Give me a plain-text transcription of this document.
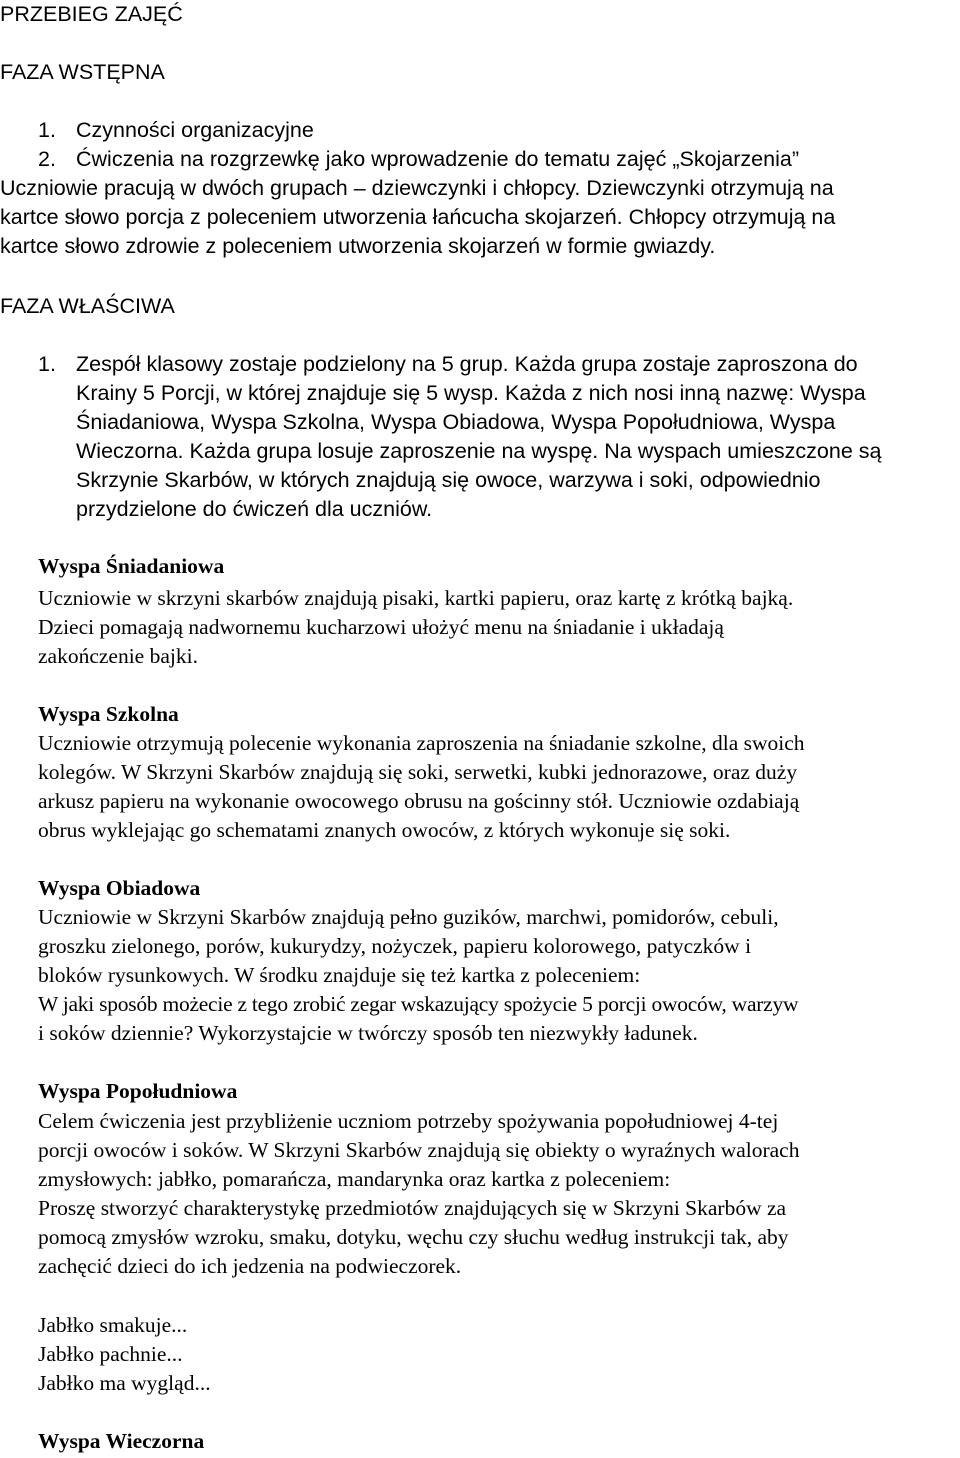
PRZEBIEG ZAJĘĆ
FAZA WSTĘPNA
1. Czynności organizacyjne
2. Ćwiczenia na rozgrzewkę jako wprowadzenie do tematu zajęć „Skojarzenia”
Uczniowie pracują w dwóch grupach – dziewczynki i chłopcy. Dziewczynki otrzymują na
kartce słowo porcja z poleceniem utworzenia łańcucha skojarzeń. Chłopcy otrzymują na
kartce słowo zdrowie z poleceniem utworzenia skojarzeń w formie gwiazdy.
FAZA WŁAŚCIWA
1. Zespół klasowy zostaje podzielony na 5 grup. Każda grupa zostaje zaproszona do
Krainy 5 Porcji, w której znajduje się 5 wysp. Każda z nich nosi inną nazwę: Wyspa
Śniadaniowa, Wyspa Szkolna, Wyspa Obiadowa, Wyspa Popołudniowa, Wyspa
Wieczorna. Każda grupa losuje zaproszenie na wyspę. Na wyspach umieszczone są
Skrzynie Skarbów, w których znajdują się owoce, warzywa i soki, odpowiednio
przydzielone do ćwiczeń dla uczniów.
Wyspa Śniadaniowa
Uczniowie w skrzyni skarbów znajdują pisaki, kartki papieru, oraz kartę z krótką bajką.
Dzieci pomagają nadwornemu kucharzowi ułożyć menu na śniadanie i układają
zakończenie bajki.
Wyspa Szkolna
Uczniowie otrzymują polecenie wykonania zaproszenia na śniadanie szkolne, dla swoich
kolegów. W Skrzyni Skarbów znajdują się soki, serwetki, kubki jednorazowe, oraz duży
arkusz papieru na wykonanie owocowego obrusu na gościnny stół. Uczniowie ozdabiają
obrus wyklejając go schematami znanych owoców, z których wykonuje się soki.
Wyspa Obiadowa
Uczniowie w Skrzyni Skarbów znajdują pełno guzików, marchwi, pomidorów, cebuli,
groszku zielonego, porów, kukurydzy, nożyczek, papieru kolorowego, patyczków i
bloków rysunkowych. W środku znajduje się też kartka z poleceniem:
W jaki sposób możecie z tego zrobić zegar wskazujący spożycie 5 porcji owoców, warzyw
i soków dziennie? Wykorzystajcie w twórczy sposób ten niezwykły ładunek.
Wyspa Popołudniowa
Celem ćwiczenia jest przybliżenie uczniom potrzeby spożywania popołudniowej 4-tej
porcji owoców i soków. W Skrzyni Skarbów znajdują się obiekty o wyraźnych walorach
zmysłowych: jabłko, pomarańcza, mandarynka oraz kartka z poleceniem:
Proszę stworzyć charakterystykę przedmiotów znajdujących się w Skrzyni Skarbów za
pomocą zmysłów wzroku, smaku, dotyku, węchu czy słuchu według instrukcji tak, aby
zachęcić dzieci do ich jedzenia na podwieczorek.
Jabłko smakuje...
Jabłko pachnie...
Jabłko ma wygląd...
Wyspa Wieczorna
